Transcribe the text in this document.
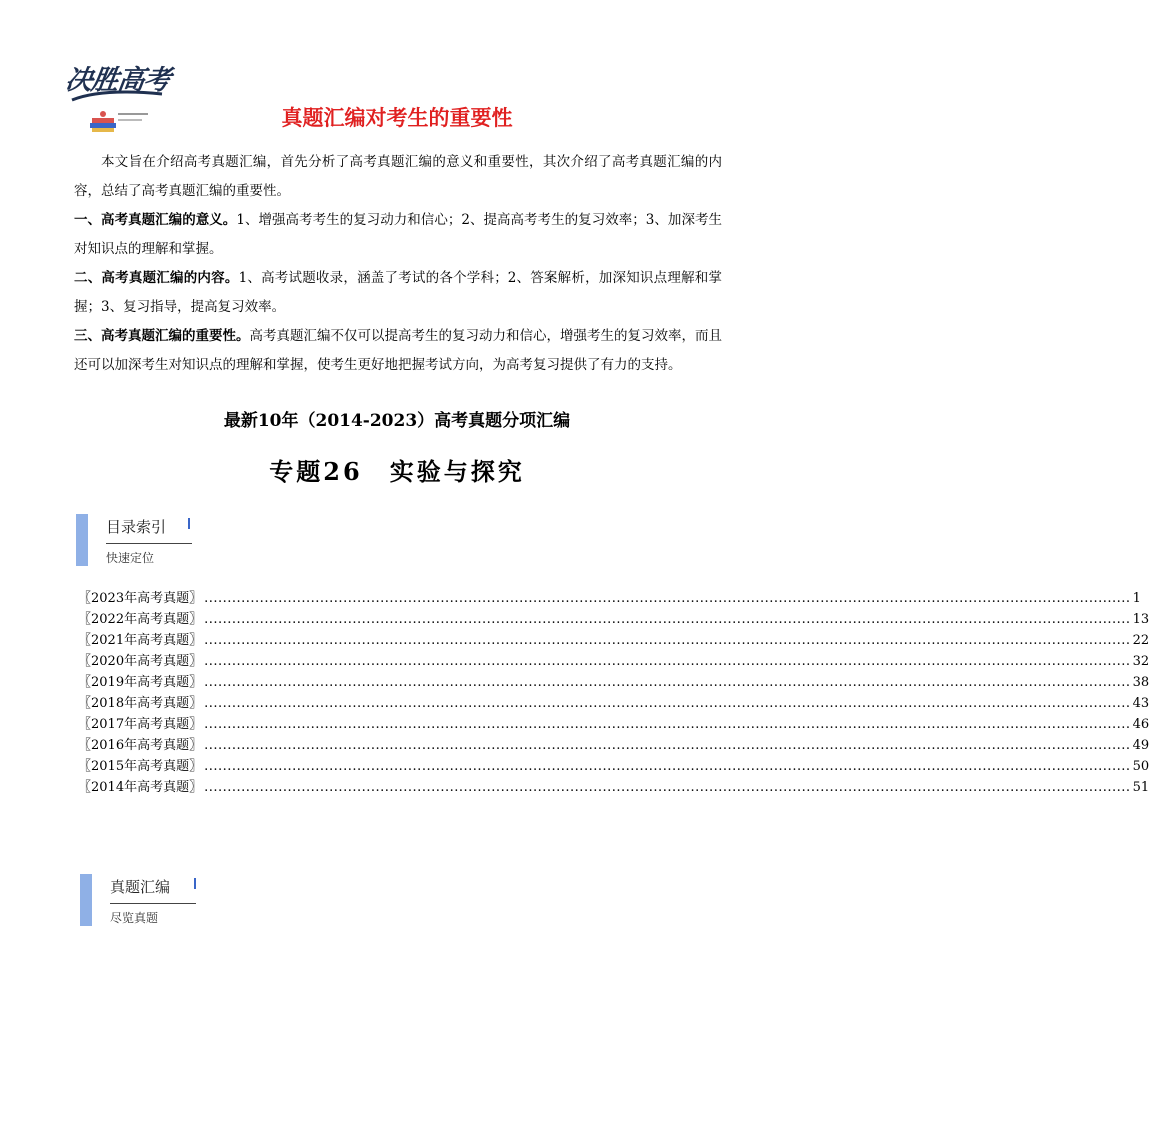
决胜高考
真题汇编对考生的重要性

本文旨在介绍高考真题汇编，首先分析了高考真题汇编的意义和重要性，其次介绍了高考真题汇编的内容，总结了高考真题汇编的重要性。

一、高考真题汇编的意义。1、增强高考考生的复习动力和信心；2、提高高考考生的复习效率；3、加深考生对知识点的理解和掌握。

二、高考真题汇编的内容。1、高考试题收录，涵盖了考试的各个学科；2、答案解析，加深知识点理解和掌握；3、复习指导，提高复习效率。

三、高考真题汇编的重要性。高考真题汇编不仅可以提高考生的复习动力和信心，增强考生的复习效率，而且还可以加深考生对知识点的理解和掌握，使考生更好地把握考试方向，为高考复习提供了有力的支持。

最新10年（2014-2023）高考真题分项汇编
专题26　实验与探究
目录索引
快速定位
〖2023年高考真题〗 ........................................................................................................................................................................................................ 1
〖2022年高考真题〗 ........................................................................................................................................................................................................ 13
〖2021年高考真题〗 ........................................................................................................................................................................................................ 22
〖2020年高考真题〗 ........................................................................................................................................................................................................ 32
〖2019年高考真题〗 ........................................................................................................................................................................................................ 38
〖2018年高考真题〗 ........................................................................................................................................................................................................ 43
〖2017年高考真题〗 ........................................................................................................................................................................................................ 46
〖2016年高考真题〗 ........................................................................................................................................................................................................ 49
〖2015年高考真题〗 ........................................................................................................................................................................................................ 50
〖2014年高考真题〗 ........................................................................................................................................................................................................ 51
真题汇编
尽览真题
